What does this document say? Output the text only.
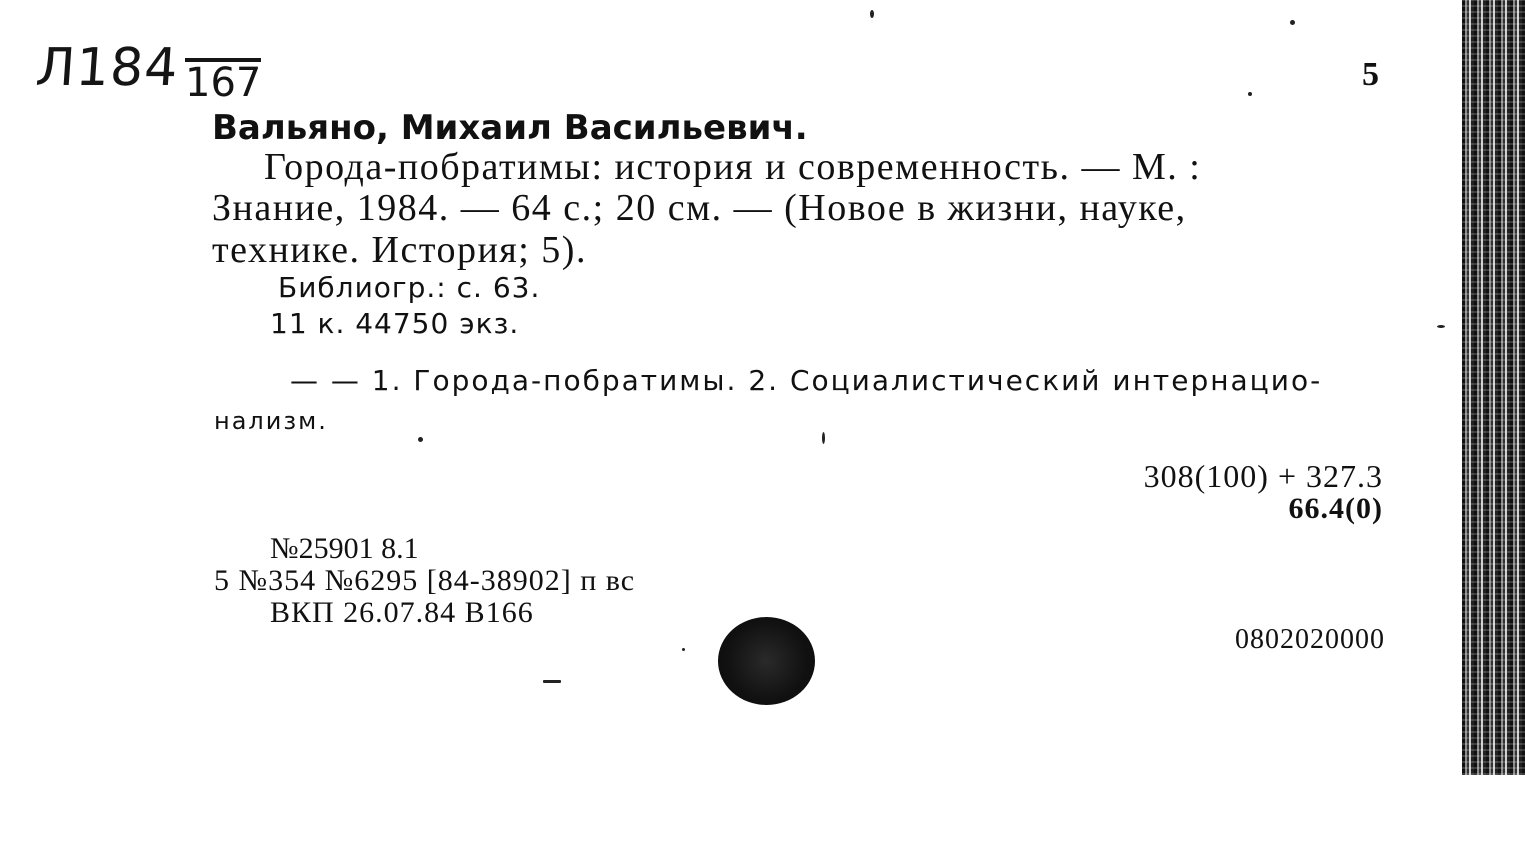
Л184 167	5
Вальяно, Михаил Васильевич.
Города-побратимы: история и современность. — М. :
Знание, 1984. — 64 с.; 20 см. — (Новое в жизни, науке,
технике. История; 5).
Библиогр.: с. 63.
11 к. 44750 экз.
— — 1. Города-побратимы. 2. Социалистический интернацио-
нализм.
308(100) + 327.3
66.4(0)
№25901 8.1
5 №354 №6295 [84-38902] п вс
ВКП 26.07.84 В166
0802020000
